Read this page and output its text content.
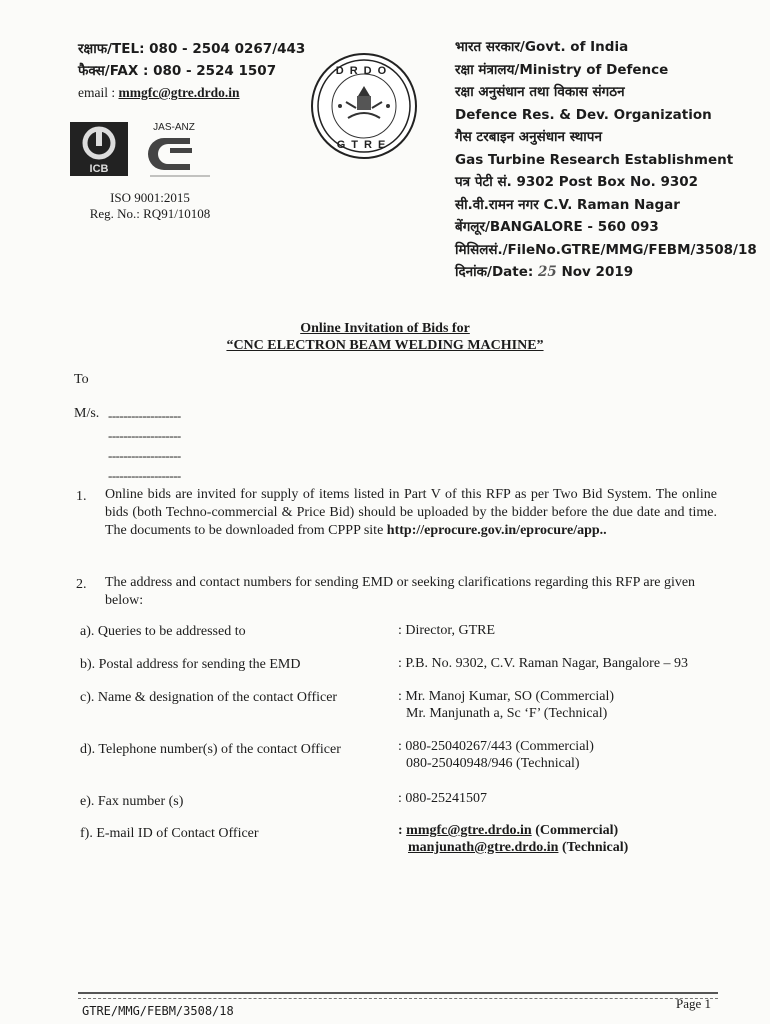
रक्षाफ/TEL: 080 - 2504 0267/443
फैक्स/FAX : 080 - 2524 1507
email : mmgfc@gtre.drdo.in
ICB
JAS-ANZ
ISO 9001:2015
Reg. No.: RQ91/10108
DRDO
GTRE
भारत सरकार/Govt. of India
रक्षा मंत्रालय/Ministry of Defence
रक्षा अनुसंधान तथा विकास संगठन
Defence Res. & Dev. Organization
गैस टरबाइन अनुसंधान स्थापन
Gas Turbine Research Establishment
पत्र पेटी सं. 9302 Post Box No. 9302
सी.वी.रामन नगर C.V. Raman Nagar
बेंगलूर/BANGALORE - 560 093
मिसिलसं./FileNo.GTRE/MMG/FEBM/3508/18
दिनांक/Date: 25 Nov 2019
Online Invitation of Bids for
“CNC ELECTRON BEAM WELDING MACHINE”
To
M/s. -------------------
-------------------
-------------------
-------------------
1. Online bids are invited for supply of items listed in Part V of this RFP as per Two Bid System. The online bids (both Techno-commercial & Price Bid) should be uploaded by the bidder before the due date and time. The documents to be downloaded from CPPP site http://eprocure.gov.in/eprocure/app..
2. The address and contact numbers for sending EMD or seeking clarifications regarding this RFP are given below:
a). Queries to be addressed to	: Director, GTRE
b). Postal address for sending the EMD	: P.B. No. 9302, C.V. Raman Nagar, Bangalore – 93
c). Name & designation of the contact Officer	: Mr. Manoj Kumar, SO (Commercial)
Mr. Manjunath a, Sc ‘F’ (Technical)
d). Telephone number(s) of the contact Officer	: 080-25040267/443 (Commercial)
080-25040948/946 (Technical)
e). Fax number (s)	: 080-25241507
f). E-mail ID of Contact Officer	: mmgfc@gtre.drdo.in (Commercial)
manjunath@gtre.drdo.in (Technical)
GTRE/MMG/FEBM/3508/18	Page 1
